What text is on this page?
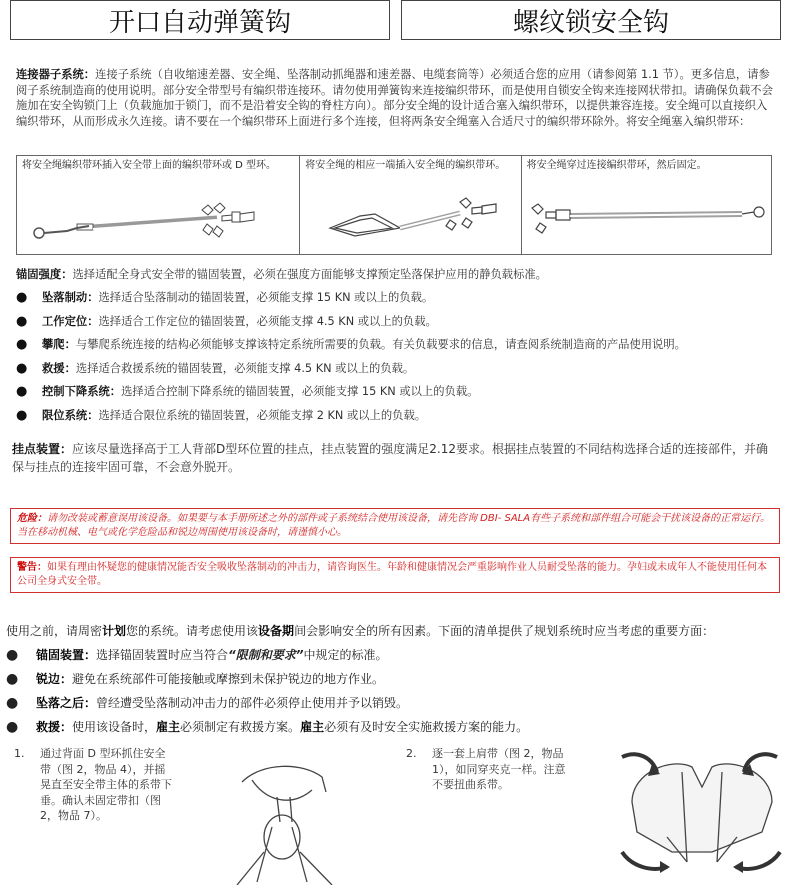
开口自动弹簧钩	螺纹锁安全钩
连接器子系统：连接子系统（自收缩速差器、安全绳、坠落制动抓绳器和速差器、电缆套筒等）必须适合您的应用（请参阅第 1.1 节）。更多信息，请参阅子系统制造商的使用说明。部分安全带型号有编织带连接环。请勿使用弹簧钩来连接编织带环，而是使用自锁安全钩来连接网状带扣。请确保负载不会施加在安全钩锁门上（负载施加于锁门，而不是沿着安全钩的脊柱方向）。部分安全绳的设计适合塞入编织带环，以提供兼容连接。安全绳可以直接织入编织带环，从而形成永久连接。请不要在一个编织带环上面进行多个连接，但将两条安全绳塞入合适尺寸的编织带环除外。将安全绳塞入编织带环：
将安全绳编织带环插入安全带上面的编织带环或 D 型环。	将安全绳的相应一端插入安全绳的编织带环。	将安全绳穿过连接编织带环，然后固定。
锚固强度：选择适配全身式安全带的锚固装置，必须在强度方面能够支撑预定坠落保护应用的静负载标准。
●	坠落制动：选择适合坠落制动的锚固装置，必须能支撑 15 KN 或以上的负载。
●	工作定位：选择适合工作定位的锚固装置，必须能支撑 4.5 KN 或以上的负载。
●	攀爬：与攀爬系统连接的结构必须能够支撑该特定系统所需要的负载。有关负载要求的信息，请查阅系统制造商的产品使用说明。
●	救援：选择适合救援系统的锚固装置，必须能支撑 4.5 KN 或以上的负载。
●	控制下降系统：选择适合控制下降系统的锚固装置，必须能支撑 15 KN 或以上的负载。
●	限位系统：选择适合限位系统的锚固装置，必须能支撑 2 KN 或以上的负载。
挂点装置：应该尽量选择高于工人背部D型环位置的挂点，挂点装置的强度满足2.12要求。根据挂点装置的不同结构选择合适的连接部件，并确保与挂点的连接牢固可靠，不会意外脱开。
危险：请勿改装或蓄意误用该设备。如果要与本手册所述之外的部件或子系统结合使用该设备，请先咨询 DBI- SALA有些子系统和部件组合可能会干扰该设备的正常运行。当在移动机械、电气或化学危险品和锐边周围使用该设备时，请谨慎小心。
警告：如果有理由怀疑您的健康情况能否安全吸收坠落制动的冲击力，请咨询医生。年龄和健康情况会严重影响作业人员耐受坠落的能力。孕妇或未成年人不能使用任何本公司全身式安全带。
使用之前，请周密计划您的系统。请考虑使用该设备期间会影响安全的所有因素。下面的清单提供了规划系统时应当考虑的重要方面：
●	锚固装置：选择锚固装置时应当符合“限制和要求”中规定的标准。
●	锐边：避免在系统部件可能接触或摩擦到未保护锐边的地方作业。
●	坠落之后：曾经遭受坠落制动冲击力的部件必须停止使用并予以销毁。
●	救援：使用该设备时，雇主必须制定有救援方案。雇主必须有及时安全实施救援方案的能力。
1.	通过背面 D 型环抓住安全
带（图 2，物品 4），并摇
晃直至安全带主体的系带下
垂。确认未固定带扣（图
2，物品 7）。
2.	逐一套上肩带（图 2，物品
1），如同穿夹克一样。注意
不要扭曲系带。
